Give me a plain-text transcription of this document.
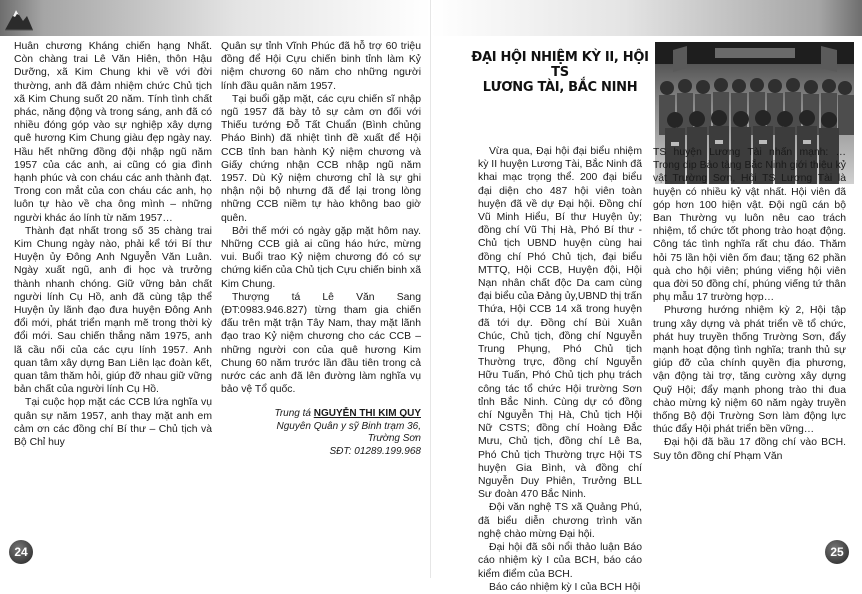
Huân chương Kháng chiến hạng Nhất. Còn chàng trai Lê Văn Hiên, thôn Hậu Dưỡng, xã Kim Chung khi về với đời thường, anh đã đảm nhiệm chức Chủ tịch xã Kim Chung suốt 20 năm. Tính tình chất phác, năng động và trong sáng, anh đã có nhiều đóng góp vào sự nghiệp xây dựng quê hương Kim Chung giàu đẹp ngày nay. Hầu hết những đồng đội nhập ngũ năm 1957 của các anh, ai cũng có gia đình hạnh phúc và con cháu các anh thành đạt. Trong con mắt của con cháu các anh, họ luôn tự hào về cha ông mình – những người khác áo lính từ năm 1957…

Thành đạt nhất trong số 35 chàng trai Kim Chung ngày nào, phải kể tới Bí thư Huyện ủy Đông Anh Nguyễn Văn Luân. Ngày xuất ngũ, anh đi học và trưởng thành nhanh chóng. Giữ vững bản chất người lính Cụ Hồ, anh đã cùng tập thể Huyện ủy lãnh đạo đưa huyện Đông Anh đổi mới, phát triển mạnh mẽ trong thời kỳ đổi mới. Sau chiến thắng năm 1975, anh lã cầu nối của các cựu lính 1957. Anh quan tâm xây dựng Ban Liên lạc đoàn kết, quan tâm thăm hỏi, giúp đỡ nhau giữ vững bản chất của người lính Cụ Hồ.

Tại cuộc họp mặt các CCB lứa nghĩa vụ quân sự năm 1957, anh thay mặt anh em cảm ơn các đồng chí Bí thư – Chủ tịch và Bộ Chỉ huy

Quân sự tỉnh Vĩnh Phúc đã hỗ trợ 60 triệu đồng để Hội Cựu chiến binh tỉnh làm Kỷ niệm chương 60 năm cho những người lính đầu quân năm 1957.

Tại buổi gặp mặt, các cựu chiến sĩ nhập ngũ 1957 đã bày tỏ sự cảm ơn đối với Thiếu tướng Đỗ Tất Chuẩn (Bình chủng Pháo Binh) đã nhiệt tình đề xuất để Hội CCB tỉnh ban hành Kỷ niệm chương và Giấy chứng nhận CCB nhập ngũ năm 1957. Dù Kỷ niệm chương chỉ là sự ghi nhận nội bộ nhưng đã để lại trong lòng những CCB niềm tự hào không bao giờ quên.

Bởi thế mới có ngày gặp mặt hôm nay. Những CCB giả ai cũng háo hức, mừng vui. Buổi trao Kỷ niệm chương đó có sự chứng kiến của Chủ tịch Cựu chiến binh xã Kim Chung.

Thượng tá Lê Văn Sang (ĐT:0983.946.827) từng tham gia chiến đấu trên mặt trận Tây Nam, thay mặt lãnh đạo trao Kỷ niệm chương cho các CCB – những người con của quê hương Kim Chung 60 năm trước lần đầu tiên trong cả nước các anh đã lên đường làm nghĩa vụ bảo vệ Tổ quốc.

Trung tá NGUYỄN THỊ KIM QUY
Nguyên Quân y sỹ Binh trạm 36,
Trường Sơn
SĐT: 01289.199.968
24	25
ĐẠI HỘI NHIỆM KỲ II, HỘI TS
LƯƠNG TÀI, BẮC NINH

Vừa qua, Đại hội đại biểu nhiệm kỳ II huyện Lương Tài, Bắc Ninh đã khai mạc trọng thể. 200 đại biểu đại diện cho 487 hội viên toàn huyện đã về dự Đại hội. Đồng chí Vũ Minh Hiểu, Bí thư Huyện ủy; đồng chí Vũ Thị Hà, Phó Bí thư - Chủ tịch UBND huyện cùng hai đồng chí Phó Chủ tịch, đại biểu MTTQ, Hội CCB, Huyện đội, Hội Nạn nhân chất độc Da cam cùng đại biểu của Đảng ủy,UBND thị trấn Thứa, Hội CCB 14 xã trong huyện đã tới dự. Đồng chí Bùi Xuân Chúc, Chủ tịch, đồng chí Nguyễn Trung Phụng, Phó Chủ tịch Thường trực, đồng chí Nguyễn Hữu Tuấn, Phó Chủ tịch phụ trách công tác tổ chức Hội trường Sơn tỉnh Bắc Ninh. Cùng dự có đồng chí Nguyễn Thị Hà, Chủ tịch Hội Nữ CSTS; đồng chí Hoàng Đắc Mưu, Chủ tịch, đồng chí Lê Ba, Phó Chủ tịch Thường trực Hội TS huyện Gia Bình, và đồng chí Nguyễn Duy Phiên, Trưởng BLL Sư đoàn 470 Bắc Ninh.

Đội văn nghệ TS xã Quảng Phú, đã biểu diễn chương trình văn nghệ chào mừng Đại hội.

Đại hội đã sôi nổi thảo luận Báo cáo nhiệm kỳ I của BCH, báo cáo kiểm điểm của BCH.

Báo cáo nhiệm kỳ I của BCH Hội

TS huyện Lương Tài nhấn mạnh: …Trong dịp Bảo tàng Bắc Ninh giới thiệu kỷ vật Trường Sơn, Hội TS Lương Tài là huyện có nhiều kỷ vật nhất. Hội viên đã góp hơn 100 hiện vật. Đội ngũ cán bộ Ban Thường vụ luôn nêu cao trách nhiệm, tổ chức tốt phong trào hoạt động. Công tác tình nghĩa rất chu đáo. Thăm hỏi 75 lần hội viên ốm đau; tặng 62 phần quà cho hội viên; phúng viếng hội viên qua đời 50 đồng chí, phúng viếng tứ thân phụ mẫu 17 trường hợp…

Phương hướng nhiệm kỳ 2, Hội tập trung xây dựng và phát triển về tổ chức, phát huy truyền thống Trường Sơn, đẩy mạnh hoạt động tình nghĩa; tranh thủ sự giúp đỡ của chính quyền địa phương, vận động tài trợ, tăng cường xây dựng Quỹ Hội; đẩy mạnh phong trào thi đua chào mừng kỷ niệm 60 năm ngày truyền thống Bộ đội Trường Sơn làm động lực thúc đẩy Hội phát triển bền vững…

Đại hội đã bầu 17 đồng chí vào BCH. Suy tôn đồng chí Phạm Văn
